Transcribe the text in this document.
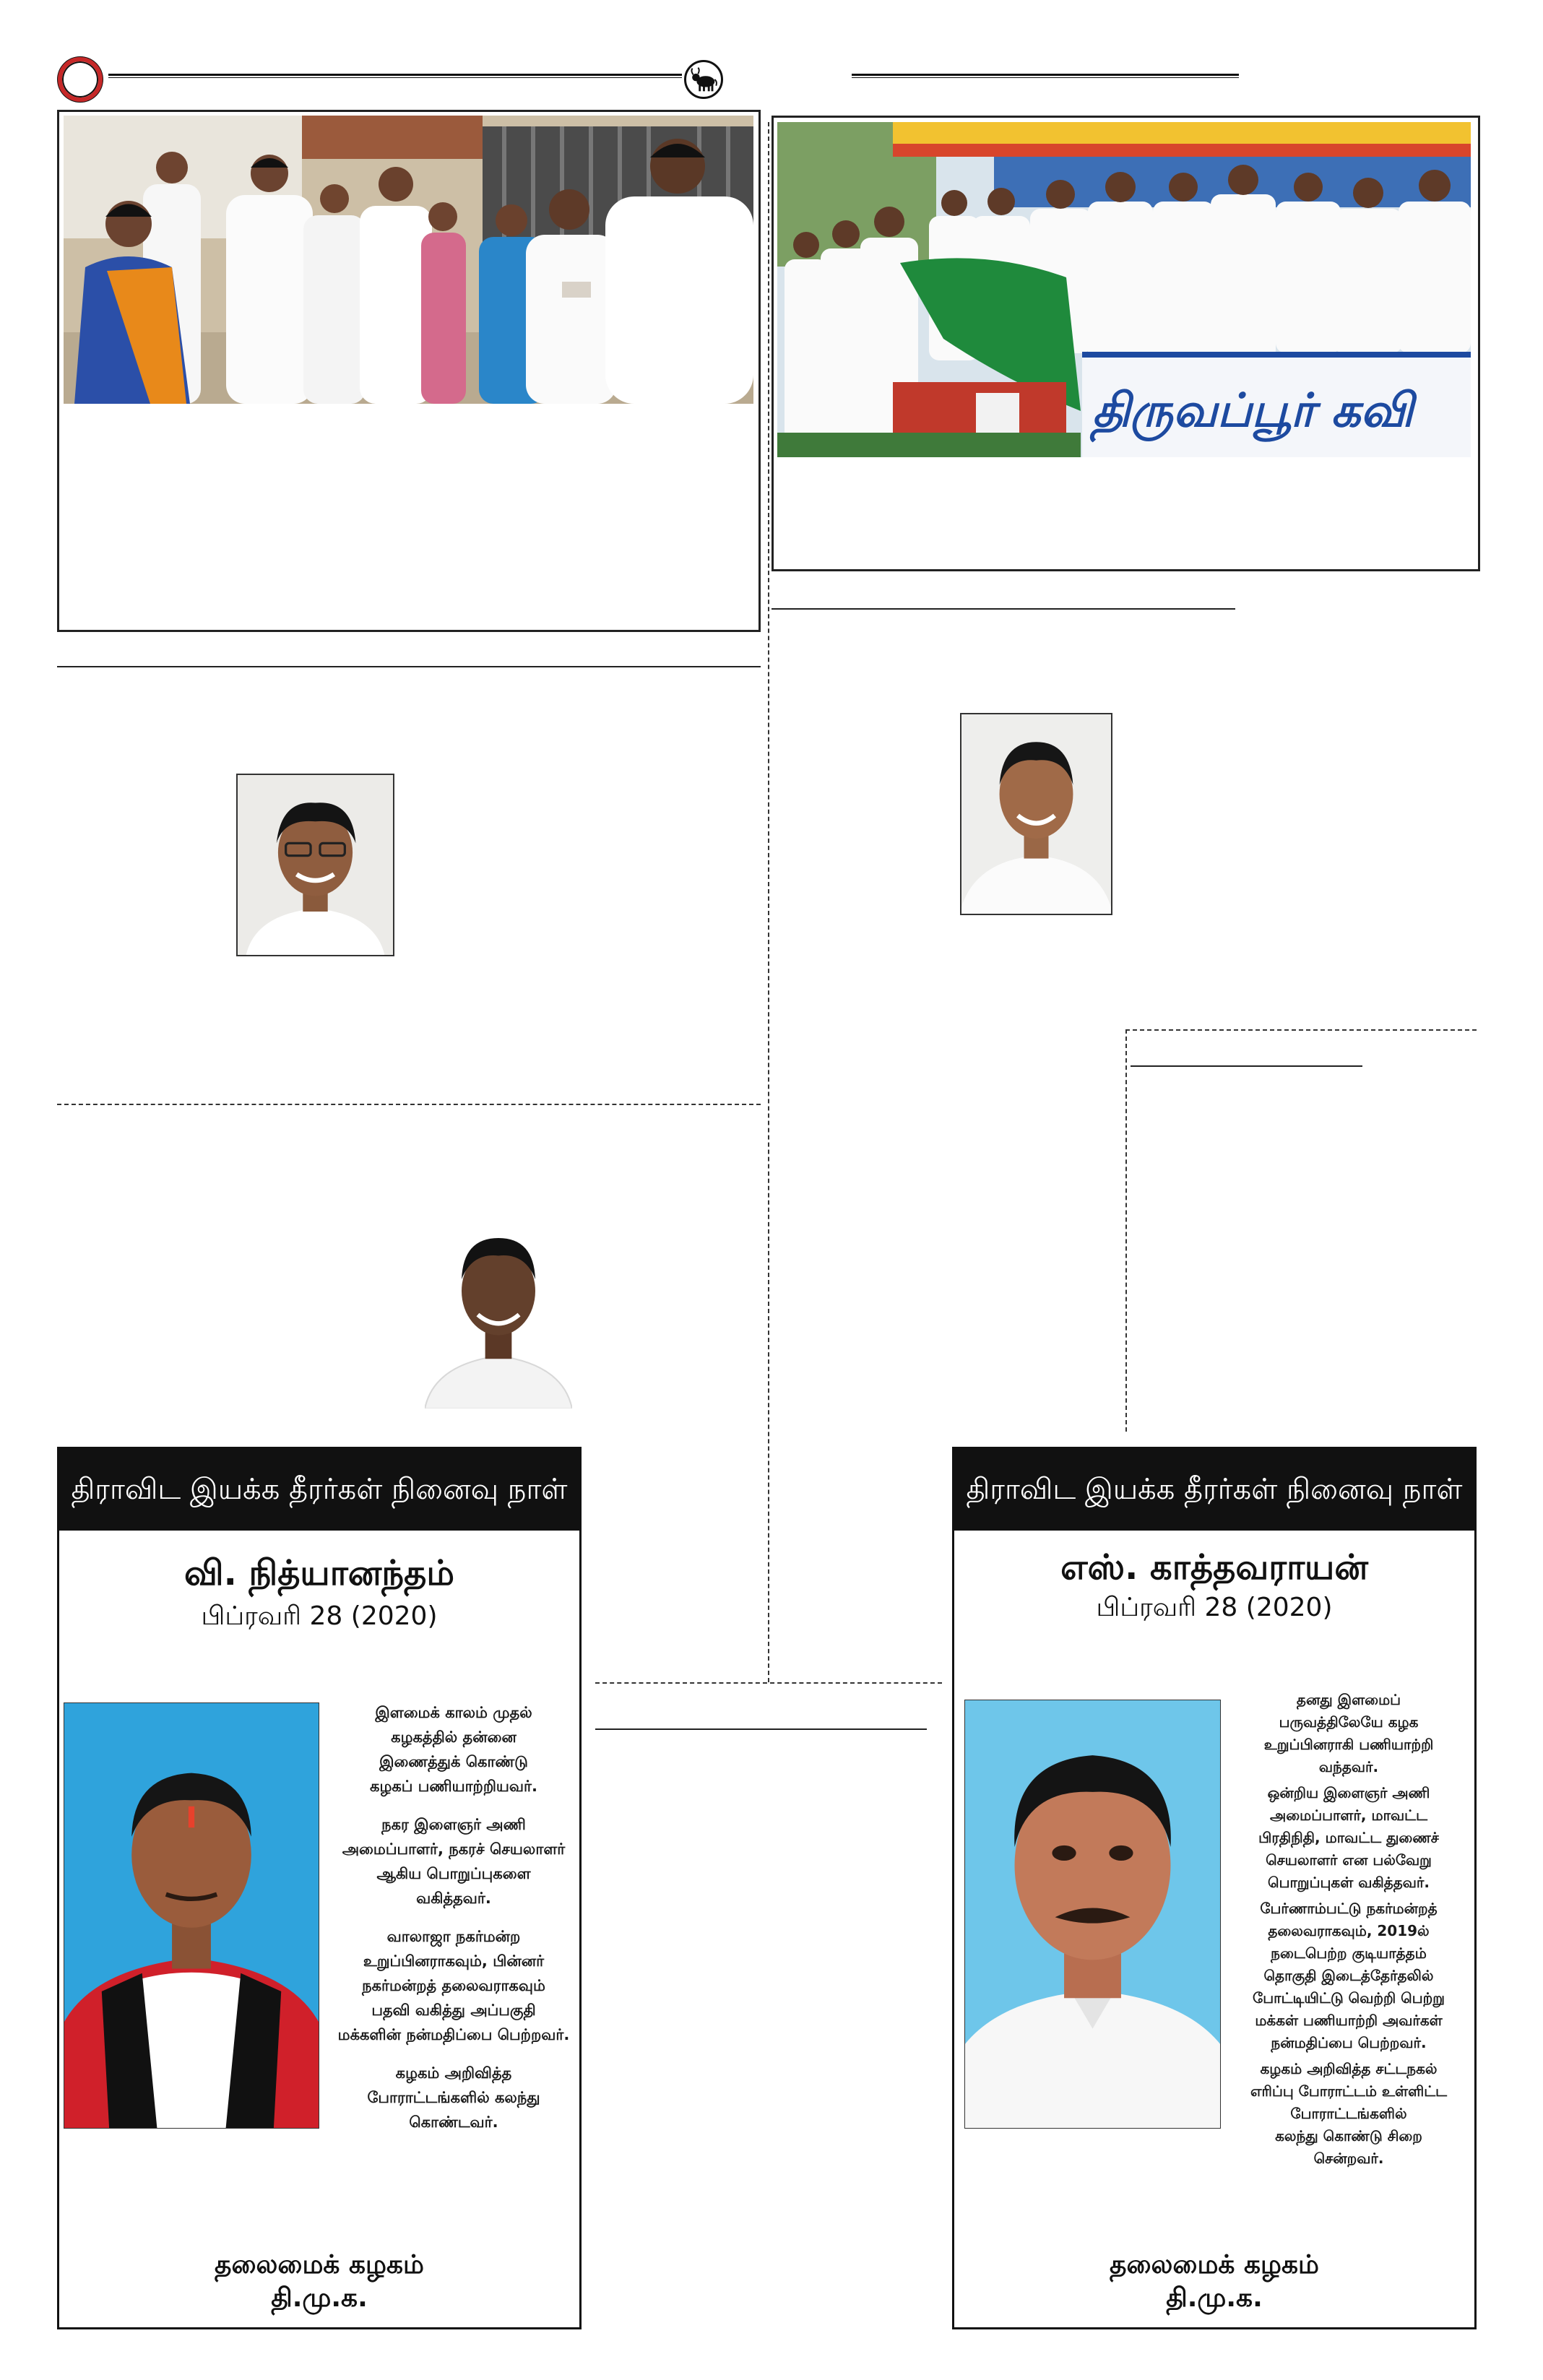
திருவப்பூர் கவி
திராவிட இயக்க தீரர்கள் நினைவு நாள்
வி. நித்யானந்தம்
பிப்ரவரி 28 (2020)

இளமைக் காலம் முதல்
கழகத்தில் தன்னை
இணைத்துக் கொண்டு
கழகப் பணியாற்றியவர்.

நகர இளைஞர் அணி
அமைப்பாளர், நகரச் செயலாளர்
ஆகிய பொறுப்புகளை
வகித்தவர்.

வாலாஜா நகர்மன்ற
உறுப்பினராகவும், பின்னர்
நகர்மன்றத் தலைவராகவும்
பதவி வகித்து அப்பகுதி
மக்களின் நன்மதிப்பை பெற்றவர்.

கழகம் அறிவித்த
போராட்டங்களில் கலந்து
கொண்டவர்.

தலைமைக் கழகம்
தி.மு.க.
திராவிட இயக்க தீரர்கள் நினைவு நாள்
எஸ். காத்தவராயன்
பிப்ரவரி 28 (2020)

தனது இளமைப்
பருவத்திலேயே கழக
உறுப்பினராகி பணியாற்றி
வந்தவர்.

ஒன்றிய இளைஞர் அணி
அமைப்பாளர், மாவட்ட
பிரதிநிதி, மாவட்ட துணைச்
செயலாளர் என பல்வேறு
பொறுப்புகள் வகித்தவர்.

பேர்ணாம்பட்டு நகர்மன்றத்
தலைவராகவும், 2019ல்
நடைபெற்ற குடியாத்தம்
தொகுதி இடைத்தேர்தலில்
போட்டியிட்டு வெற்றி பெற்று
மக்கள் பணியாற்றி அவர்கள்
நன்மதிப்பை பெற்றவர்.

கழகம் அறிவித்த சட்டநகல்
எரிப்பு போராட்டம் உள்ளிட்ட
போராட்டங்களில்
கலந்து கொண்டு சிறை
சென்றவர்.

தலைமைக் கழகம்
தி.மு.க.
